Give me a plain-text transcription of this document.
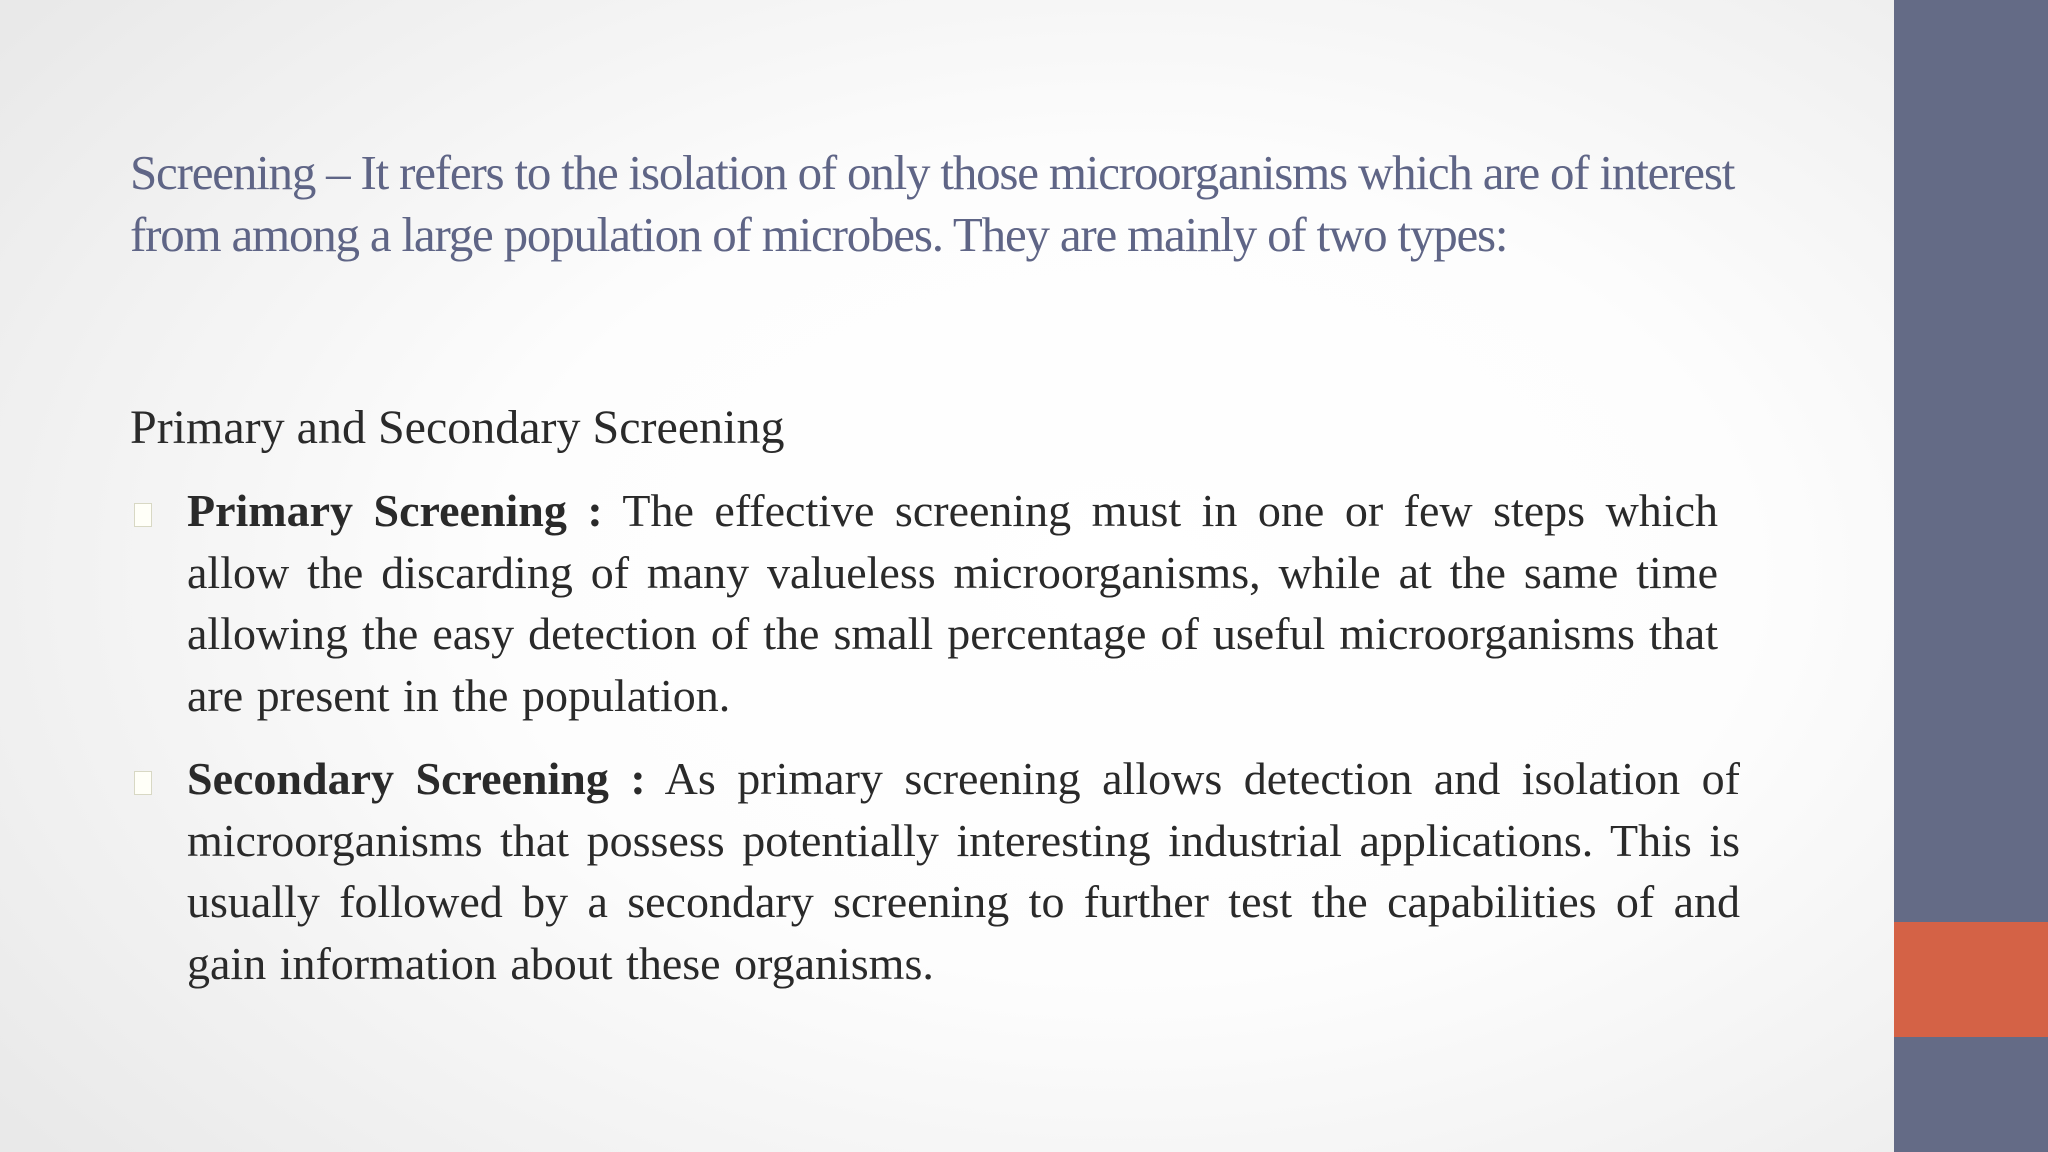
Screening – It refers to the isolation of only those microorganisms which are of interest
from among a large population of microbes. They are mainly of two types:
Primary and Secondary Screening
Primary Screening : The effective screening must in one or few steps which allow the discarding of many valueless microorganisms, while at the same time allowing the easy detection of the small percentage of useful microorganisms that are present in the population.
Secondary Screening : As primary screening allows detection and isolation of microorganisms that possess potentially interesting industrial applications. This is usually followed by a secondary screening to further test the capabilities of and gain information about these organisms.
